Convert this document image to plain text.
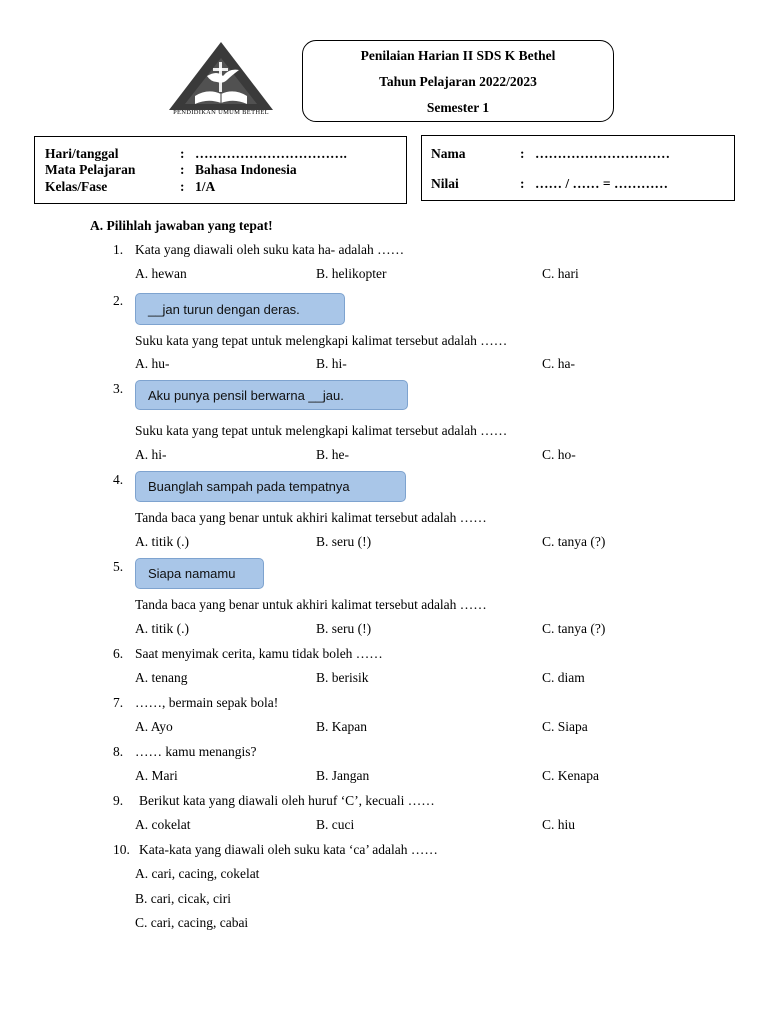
PENDIDIKAN UMUM BETHEL
Penilaian Harian II SDS K Bethel
Tahun Pelajaran 2022/2023
Semester 1
Hari/tanggal	: …………………………….
Mata Pelajaran	: Bahasa Indonesia
Kelas/Fase	: 1/A
Nama	: …………………………
Nilai	: …… / …… = …………
A. Pilihlah jawaban yang tepat!
1. Kata yang diawali oleh suku kata ha- adalah ……
A. hewan	B. helikopter	C. hari
2.
__jan turun dengan deras.
Suku kata yang tepat untuk melengkapi kalimat tersebut adalah ……
A. hu-	B. hi-	C. ha-
3.	Aku punya pensil berwarna __jau.
Suku kata yang tepat untuk melengkapi kalimat tersebut adalah ……
A. hi-	B. he-	C. ho-
4.	Buanglah sampah pada tempatnya
Tanda baca yang benar untuk akhiri kalimat tersebut adalah ……
A. titik (.)	B. seru (!)	C. tanya (?)
5.	Siapa namamu
Tanda baca yang benar untuk akhiri kalimat tersebut adalah ……
A. titik (.)	B. seru (!)	C. tanya (?)
6. Saat menyimak cerita, kamu tidak boleh ……
A. tenang	B. berisik	C. diam
7. ……, bermain sepak bola!
A. Ayo	B. Kapan	C. Siapa
8. …… kamu menangis?
A. Mari	B. Jangan	C. Kenapa
9. Berikut kata yang diawali oleh huruf ‘C’, kecuali ……
A. cokelat	B. cuci	C. hiu
10. Kata-kata yang diawali oleh suku kata ‘ca’ adalah ……
A. cari, cacing, cokelat
B. cari, cicak, ciri
C. cari, cacing, cabai
